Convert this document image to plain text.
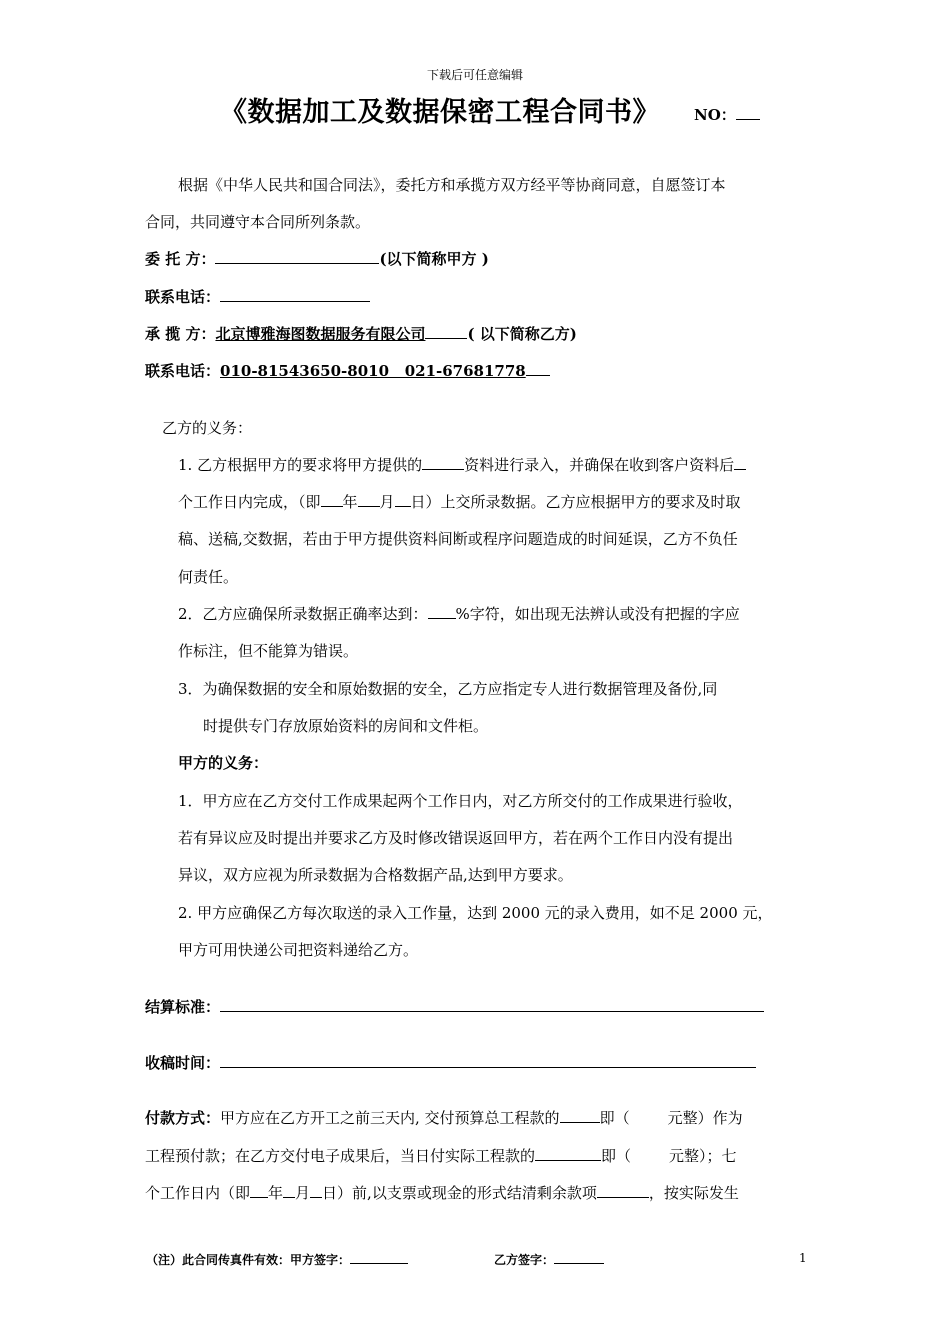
下载后可任意编辑
《数据加工及数据保密工程合同书》 NO：
根据《中华人民共和国合同法》，委托方和承揽方双方经平等协商同意，自愿签订本
合同，共同遵守本合同所列条款。
委 托 方：	(以下简称甲方 )
联系电话：
承 揽 方：北京博雅海图数据服务有限公司	( 以下简称乙方)
联系电话：010-81543650-8010   021-67681778
乙方的义务：
1. 乙方根据甲方的要求将甲方提供的	资料进行录入，并确保在收到客户资料后
个工作日内完成，（即 年 月 日）上交所录数据。乙方应根据甲方的要求及时取
稿、送稿,交数据，若由于甲方提供资料间断或程序问题造成的时间延误，乙方不负任
何责任。
2．乙方应确保所录数据正确率达到： %字符，如出现无法辨认或没有把握的字应
作标注，但不能算为错误。
3．为确保数据的安全和原始数据的安全，乙方应指定专人进行数据管理及备份,同
时提供专门存放原始资料的房间和文件柜。
甲方的义务：
1．甲方应在乙方交付工作成果起两个工作日内，对乙方所交付的工作成果进行验收，
若有异议应及时提出并要求乙方及时修改错误返回甲方，若在两个工作日内没有提出
异议，双方应视为所录数据为合格数据产品,达到甲方要求。
2. 甲方应确保乙方每次取送的录入工作量，达到 2000 元的录入费用，如不足 2000 元，
甲方可用快递公司把资料递给乙方。
结算标准：
收稿时间：
付款方式：甲方应在乙方开工之前三天内, 交付预算总工程款的	即（	元整）作为
工程预付款；在乙方交付电子成果后，当日付实际工程款的	即（	元整）；七
个工作日内（即 年 月 日）前,以支票或现金的形式结清剩余款项	，按实际发生
（注）此合同传真件有效：甲方签字：	乙方签字：	1
